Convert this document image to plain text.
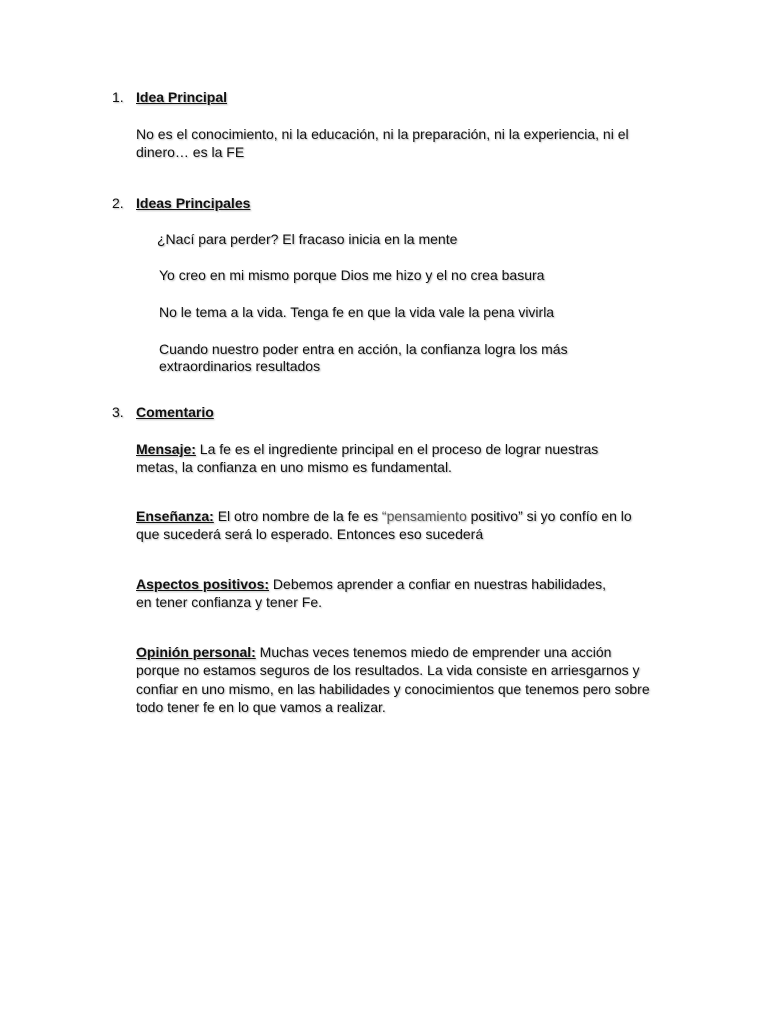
1. Idea Principal
No es el conocimiento, ni la educación, ni la preparación, ni la experiencia, ni el
dinero… es la FE
2. Ideas Principales
¿Nací para perder? El fracaso inicia en la mente
Yo creo en mi mismo porque Dios me hizo y el no crea basura
No le tema a la vida. Tenga fe en que la vida vale la pena vivirla
Cuando nuestro poder entra en acción, la confianza logra los más
extraordinarios resultados
3. Comentario
Mensaje: La fe es el ingrediente principal en el proceso de lograr nuestras
metas, la confianza en uno mismo es fundamental.
Enseñanza: El otro nombre de la fe es “pensamiento positivo” si yo confío en lo
que sucederá será lo esperado. Entonces eso sucederá
Aspectos positivos: Debemos aprender a confiar en nuestras habilidades,
en tener confianza y tener Fe.
Opinión personal: Muchas veces tenemos miedo de emprender una acción
porque no estamos seguros de los resultados. La vida consiste en arriesgarnos y
confiar en uno mismo, en las habilidades y conocimientos que tenemos pero sobre
todo tener fe en lo que vamos a realizar.
